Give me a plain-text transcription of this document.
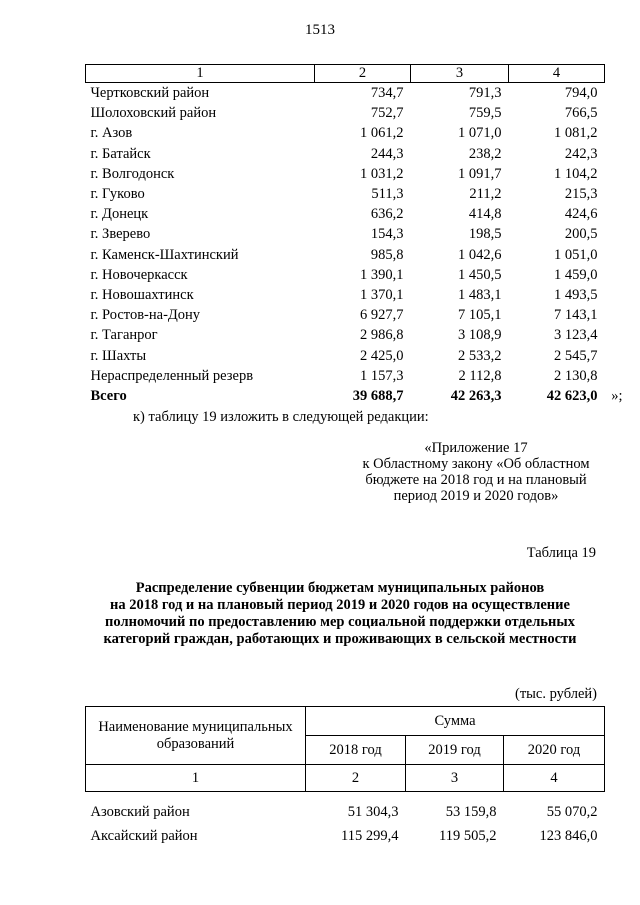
1513
1	2	3	4
Чертковский район	734,7	791,3	794,0
Шолоховский район	752,7	759,5	766,5
г. Азов	1 061,2	1 071,0	1 081,2
г. Батайск	244,3	238,2	242,3
г. Волгодонск	1 031,2	1 091,7	1 104,2
г. Гуково	511,3	211,2	215,3
г. Донецк	636,2	414,8	424,6
г. Зверево	154,3	198,5	200,5
г. Каменск-Шахтинский	985,8	1 042,6	1 051,0
г. Новочеркасск	1 390,1	1 450,5	1 459,0
г. Новошахтинск	1 370,1	1 483,1	1 493,5
г. Ростов-на-Дону	6 927,7	7 105,1	7 143,1
г. Таганрог	2 986,8	3 108,9	3 123,4
г. Шахты	2 425,0	2 533,2	2 545,7
Нераспределенный резерв	1 157,3	2 112,8	2 130,8
Всего	39 688,7	42 263,3	42 623,0 »;
к) таблицу 19 изложить в следующей редакции:
«Приложение 17
к Областному закону «Об областном
бюджете на 2018 год и на плановый
период 2019 и 2020 годов»
Таблица 19
Распределение субвенции бюджетам муниципальных районов
на 2018 год и на плановый период 2019 и 2020 годов на осуществление
полномочий по предоставлению мер социальной поддержки отдельных
категорий граждан, работающих и проживающих в сельской местности
(тыс. рублей)
Наименование муниципальных
образований	Сумма		
	2018 год	2019 год	2020 год
1	2	3	4
Азовский район	51 304,3	53 159,8	55 070,2
Аксайский район	115 299,4	119 505,2	123 846,0
